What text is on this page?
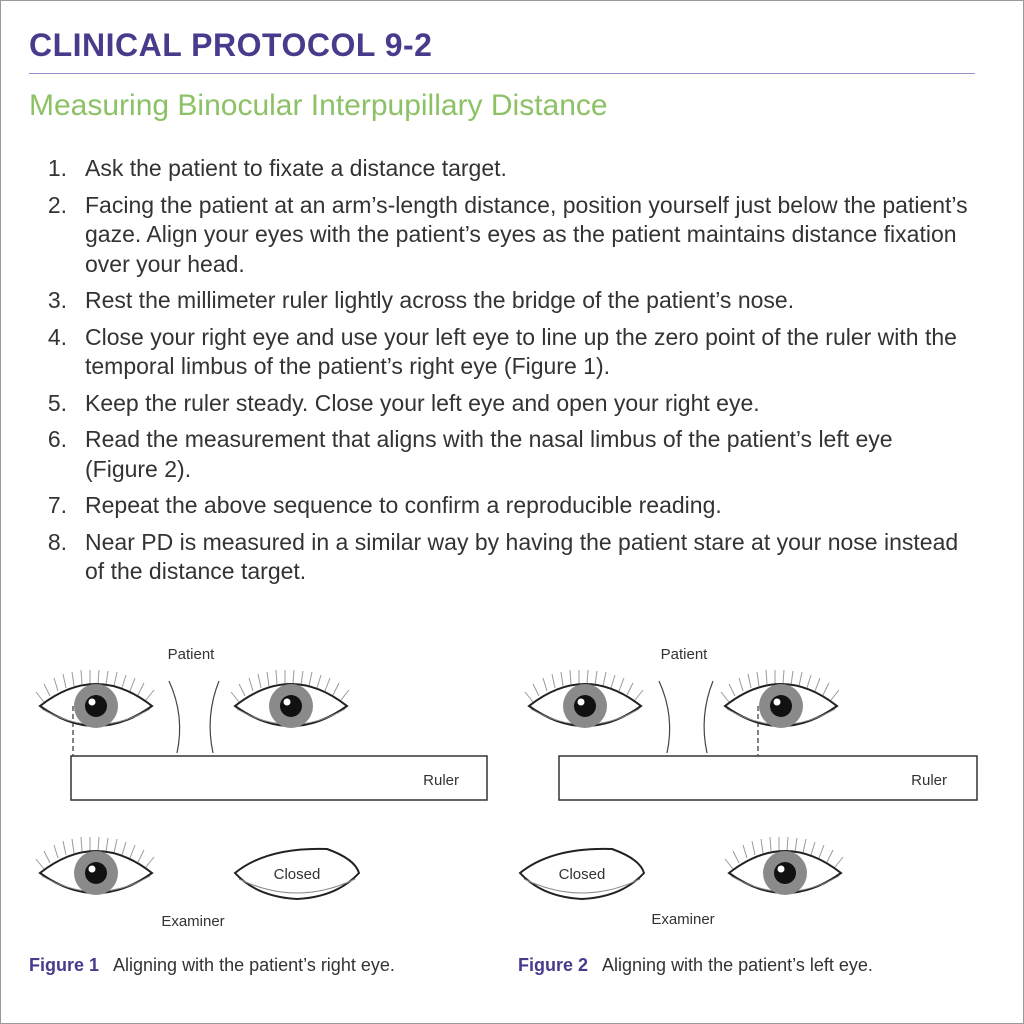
CLINICAL PROTOCOL 9-2
Measuring Binocular Interpupillary Distance
1. Ask the patient to fixate a distance target.
2. Facing the patient at an arm’s-length distance, position yourself just below the patient’s gaze. Align your eyes with the patient’s eyes as the patient maintains distance fixation over your head.
3. Rest the millimeter ruler lightly across the bridge of the patient’s nose.
4. Close your right eye and use your left eye to line up the zero point of the ruler with the temporal limbus of the patient’s right eye (Figure 1).
5. Keep the ruler steady. Close your left eye and open your right eye.
6. Read the measurement that aligns with the nasal limbus of the patient’s left eye (Figure 2).
7. Repeat the above sequence to confirm a reproducible reading.
8. Near PD is measured in a similar way by having the patient stare at your nose instead of the distance target.
Patient
Ruler
Closed
Examiner
Patient
Ruler
Closed
Examiner
Figure 1 Aligning with the patient’s right eye.	Figure 2 Aligning with the patient’s left eye.
